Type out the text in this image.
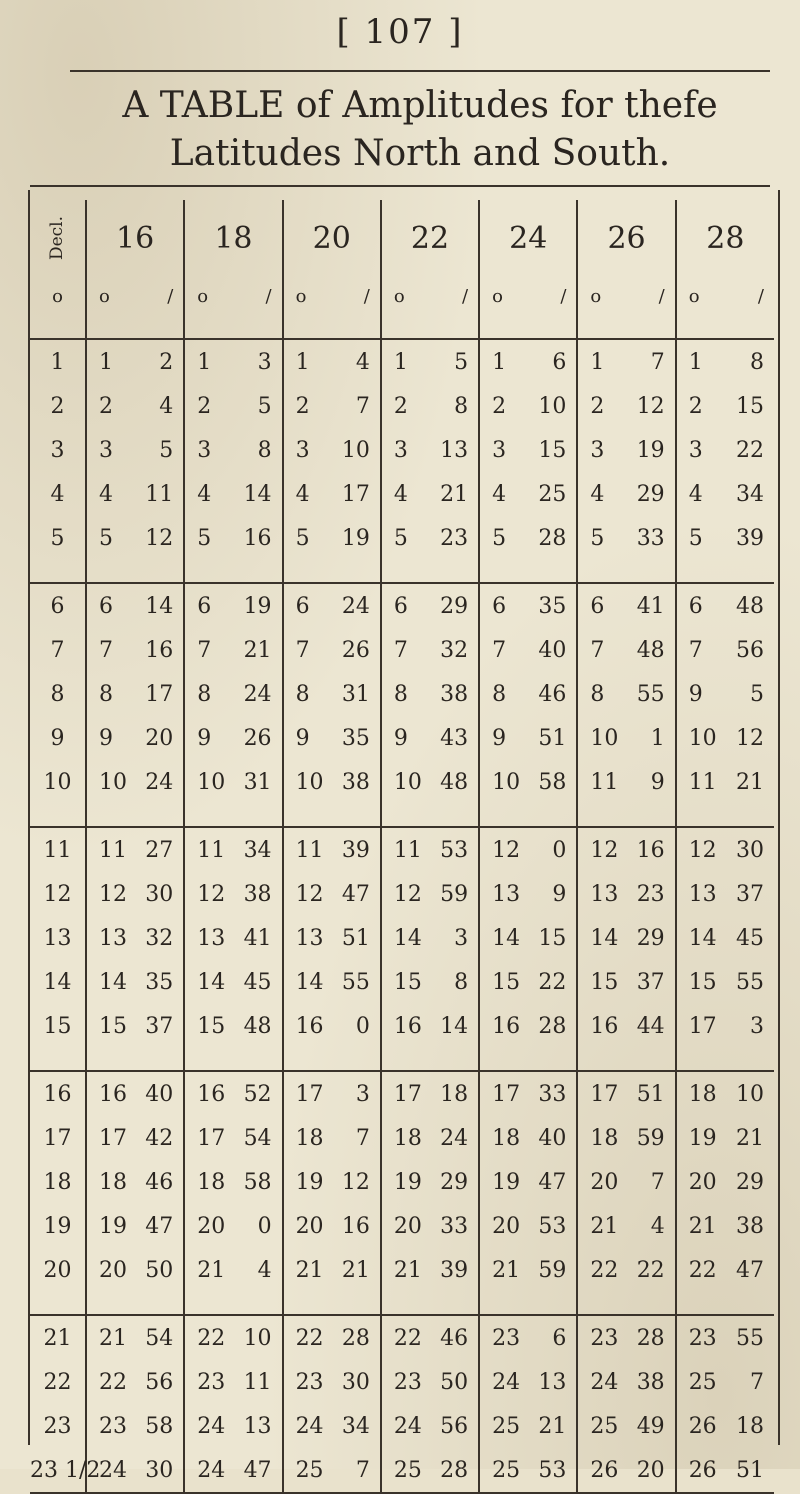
[ 107 ]
A TABLE of Amplitudes for thefe
Latitudes North and South.
Decl.	16	18	20	22	24	26	28
o	o /	o /	o /	o /	o /	o /	o /

1	1 2	1 3	1 4	1 5	1 6	1 7	1 8

2	2 4	2 5	2 7	2 8	2 10	2 12	2 15

3	3 5	3 8	3 10	3 13	3 15	3 19	3 22

4	4 11	4 14	4 17	4 21	4 25	4 29	4 34

5	5 12	5 16	5 19	5 23	5 28	5 33	5 39

6	6 14	6 19	6 24	6 29	6 35	6 41	6 48

7	7 16	7 21	7 26	7 32	7 40	7 48	7 56

8	8 17	8 24	8 31	8 38	8 46	8 55	9 5

9	9 20	9 26	9 35	9 43	9 51	10 1	10 12

10	10 24	10 31	10 38	10 48	10 58	11 9	11 21

11	11 27	11 34	11 39	11 53	12 0	12 16	12 30

12	12 30	12 38	12 47	12 59	13 9	13 23	13 37

13	13 32	13 41	13 51	14 3	14 15	14 29	14 45

14	14 35	14 45	14 55	15 8	15 22	15 37	15 55

15	15 37	15 48	16 0	16 14	16 28	16 44	17 3

16	16 40	16 52	17 3	17 18	17 33	17 51	18 10

17	17 42	17 54	18 7	18 24	18 40	18 59	19 21

18	18 46	18 58	19 12	19 29	19 47	20 7	20 29

19	19 47	20 0	20 16	20 33	20 53	21 4	21 38

20	20 50	21 4	21 21	21 39	21 59	22 22	22 47

21	21 54	22 10	22 28	22 46	23 6	23 28	23 55

22	22 56	23 11	23 30	23 50	24 13	24 38	25 7

23	23 58	24 13	24 34	24 56	25 21	25 49	26 18

23 1/2	24 30	24 47	25 7	25 28	25 53	26 20	26 51
